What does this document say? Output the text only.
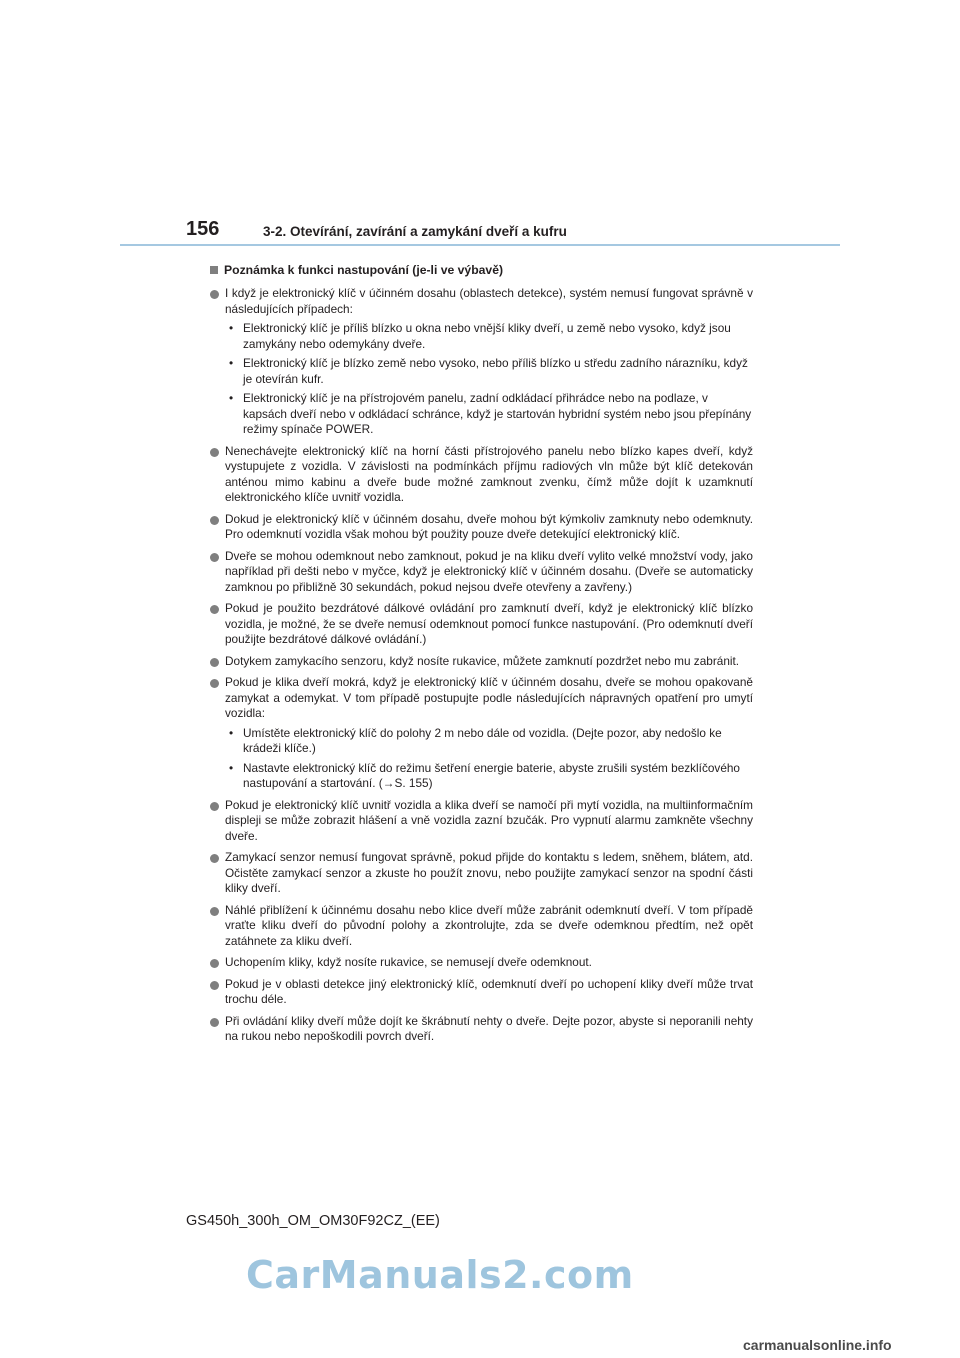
156	3-2. Otevírání, zavírání a zamykání dveří a kufru
Poznámka k funkci nastupování (je-li ve výbavě)

I když je elektronický klíč v účinném dosahu (oblastech detekce), systém nemusí fungovat správně v následujících případech:

• Elektronický klíč je příliš blízko u okna nebo vnější kliky dveří, u země nebo vysoko, když jsou zamykány nebo odemykány dveře.
• Elektronický klíč je blízko země nebo vysoko, nebo příliš blízko u středu zadního nárazníku, když je otevírán kufr.
• Elektronický klíč je na přístrojovém panelu, zadní odkládací přihrádce nebo na podlaze, v kapsách dveří nebo v odkládací schránce, když je startován hybridní systém nebo jsou přepínány režimy spínače POWER.

Nenechávejte elektronický klíč na horní části přístrojového panelu nebo blízko kapes dveří, když vystupujete z vozidla. V závislosti na podmínkách příjmu radiových vln může být klíč detekován anténou mimo kabinu a dveře bude možné zamknout zvenku, čímž může dojít k uzamknutí elektronického klíče uvnitř vozidla.

Dokud je elektronický klíč v účinném dosahu, dveře mohou být kýmkoliv zamknuty nebo odemknuty. Pro odemknutí vozidla však mohou být použity pouze dveře detekující elektronický klíč.

Dveře se mohou odemknout nebo zamknout, pokud je na kliku dveří vylito velké množství vody, jako například při dešti nebo v myčce, když je elektronický klíč v účinném dosahu. (Dveře se automaticky zamknou po přibližně 30 sekundách, pokud nejsou dveře otevřeny a zavřeny.)

Pokud je použito bezdrátové dálkové ovládání pro zamknutí dveří, když je elektronický klíč blízko vozidla, je možné, že se dveře nemusí odemknout pomocí funkce nastupování. (Pro odemknutí dveří použijte bezdrátové dálkové ovládání.)

Dotykem zamykacího senzoru, když nosíte rukavice, můžete zamknutí pozdržet nebo mu zabránit.

Pokud je klika dveří mokrá, když je elektronický klíč v účinném dosahu, dveře se mohou opakovaně zamykat a odemykat. V tom případě postupujte podle následujících nápravných opatření pro umytí vozidla:

• Umístěte elektronický klíč do polohy 2 m nebo dále od vozidla. (Dejte pozor, aby nedošlo ke krádeži klíče.)
• Nastavte elektronický klíč do režimu šetření energie baterie, abyste zrušili systém bezklíčového nastupování a startování. (→S. 155)

Pokud je elektronický klíč uvnitř vozidla a klika dveří se namočí při mytí vozidla, na multiinformačním displeji se může zobrazit hlášení a vně vozidla zazní bzučák. Pro vypnutí alarmu zamkněte všechny dveře.

Zamykací senzor nemusí fungovat správně, pokud přijde do kontaktu s ledem, sněhem, blátem, atd. Očistěte zamykací senzor a zkuste ho použít znovu, nebo použijte zamykací senzor na spodní části kliky dveří.

Náhlé přiblížení k účinnému dosahu nebo klice dveří může zabránit odemknutí dveří. V tom případě vraťte kliku dveří do původní polohy a zkontrolujte, zda se dveře odemknou předtím, než opět zatáhnete za kliku dveří.

Uchopením kliky, když nosíte rukavice, se nemusejí dveře odemknout.

Pokud je v oblasti detekce jiný elektronický klíč, odemknutí dveří po uchopení kliky dveří může trvat trochu déle.

Při ovládání kliky dveří může dojít ke škrábnutí nehty o dveře. Dejte pozor, abyste si neporanili nehty na rukou nebo nepoškodili povrch dveří.

GS450h_300h_OM_OM30F92CZ_(EE)
CarManuals2.com
carmanualsonline.info
